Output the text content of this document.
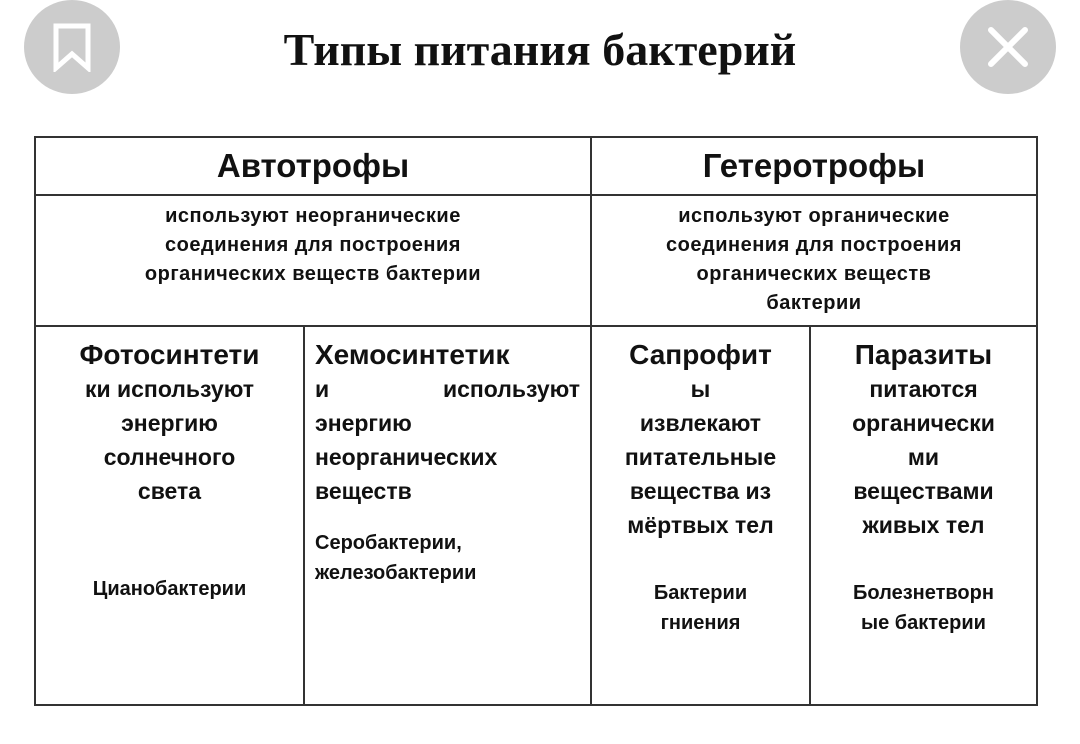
Типы питания бактерий
Автотрофы	Гетеротрофы
используют неорганические
соединения для построения
органических веществ бактерии
используют органические
соединения для построения
органических веществ
бактерии
Фотосинтети
ки используют
энергию
солнечного
света
Цианобактерии
Хемосинтетик
и	используют
энергию
неорганических
веществ
Серобактерии,
железобактерии
Сапрофит
ы
извлекают
питательные
вещества из
мёртвых тел
Бактерии
гниения
Паразиты
питаются
органически
ми
веществами
живых тел
Болезнетворн
ые бактерии
